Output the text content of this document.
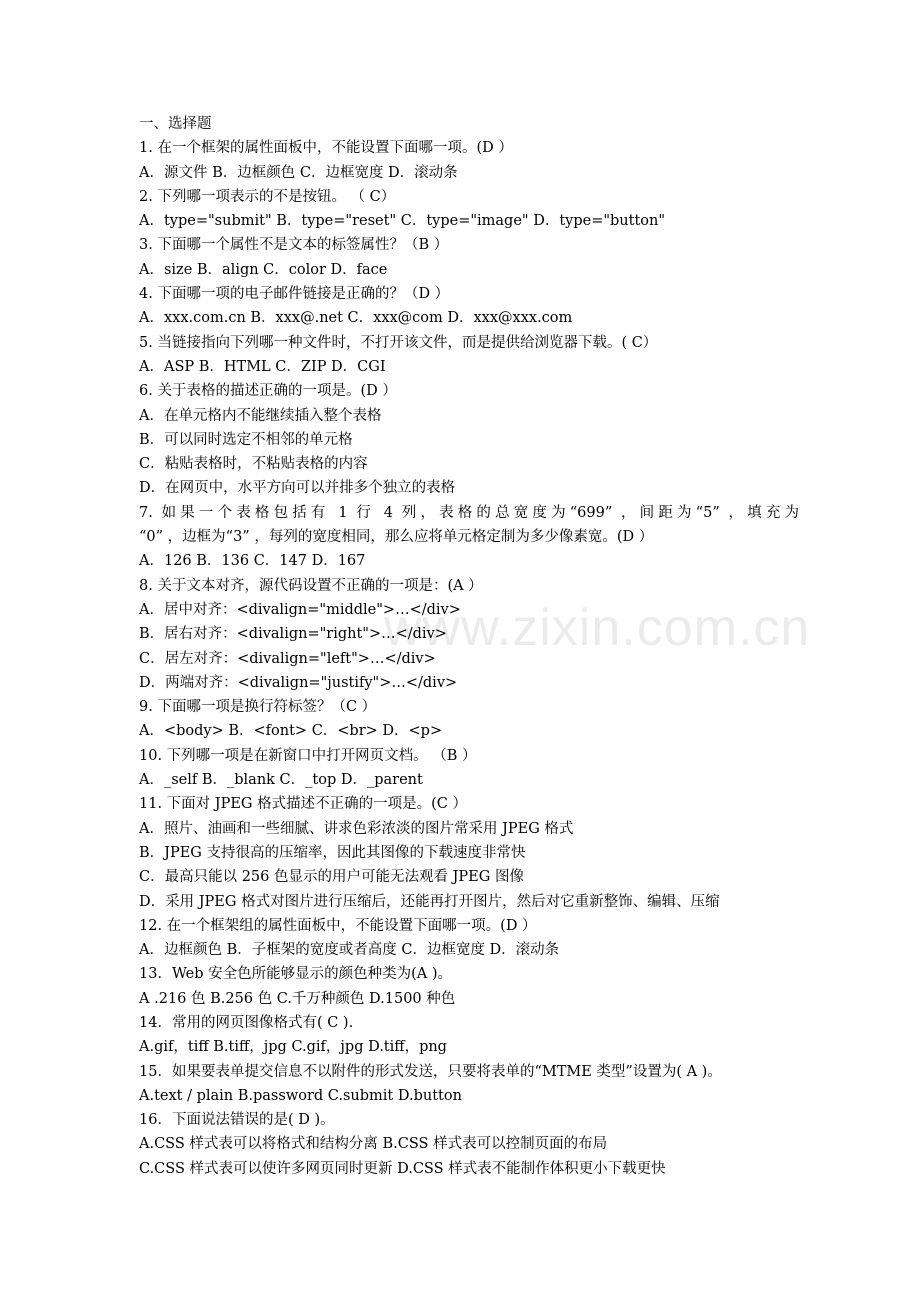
www.zixin.com.cn
一、选择题
1. 在一个框架的属性面板中，不能设置下面哪一项。(D ）
A．源文件 B．边框颜色 C．边框宽度 D．滚动条
2. 下列哪一项表示的不是按钮。 （ C）
A．type="submit" B．type="reset" C．type="image" D．type="button"
3. 下面哪一个属性不是文本的标签属性？（B ）
A．size B．align C．color D．face
4. 下面哪一项的电子邮件链接是正确的？（D ）
A．xxx.com.cn B．xxx@.net C．xxx@com D．xxx@xxx.com
5. 当链接指向下列哪一种文件时，不打开该文件，而是提供给浏览器下载。( C）
A．ASP B．HTML C．ZIP D．CGI
6. 关于表格的描述正确的一项是。(D ）
A．在单元格内不能继续插入整个表格
B．可以同时选定不相邻的单元格
C．粘贴表格时，不粘贴表格的内容
D．在网页中，水平方向可以并排多个独立的表格
7. 如果一个表格包括有 1 行 4 列，表格的总宽度为“699” ，间距为“5” ，填充为
“0” ，边框为“3” ，每列的宽度相同，那么应将单元格定制为多少像素宽。(D ）
A．126 B．136 C．147 D．167
8. 关于文本对齐，源代码设置不正确的一项是：(A ）
A．居中对齐：<divalign="middle">…</div>
B．居右对齐：<divalign="right">…</div>
C．居左对齐：<divalign="left">…</div>
D．两端对齐：<divalign="justify">…</div>
9. 下面哪一项是换行符标签？（C ）
A．<body> B．<font> C．<br> D．<p>
10. 下列哪一项是在新窗口中打开网页文档。 （B ）
A．_self B．_blank C．_top D．_parent
11. 下面对 JPEG 格式描述不正确的一项是。(C ）
A．照片、油画和一些细腻、讲求色彩浓淡的图片常采用 JPEG 格式
B．JPEG 支持很高的压缩率，因此其图像的下载速度非常快
C．最高只能以 256 色显示的用户可能无法观看 JPEG 图像
D．采用 JPEG 格式对图片进行压缩后，还能再打开图片，然后对它重新整饰、编辑、压缩
12. 在一个框架组的属性面板中，不能设置下面哪一项。(D ）
A．边框颜色 B．子框架的宽度或者高度 C．边框宽度 D．滚动条
13．Web 安全色所能够显示的颜色种类为(A )。
A .216 色 B.256 色 C.千万种颜色 D.1500 种色
14．常用的网页图像格式有( C ).
A.gif，tiff B.tiff，jpg C.gif，jpg D.tiff，png
15．如果要表单提交信息不以附件的形式发送，只要将表单的“MTME 类型”设置为( A )。
A.text / plain B.password C.submit D.button
16．下面说法错误的是( D )。
A.CSS 样式表可以将格式和结构分离 B.CSS 样式表可以控制页面的布局
C.CSS 样式表可以使许多网页同时更新 D.CSS 样式表不能制作体积更小下载更快
